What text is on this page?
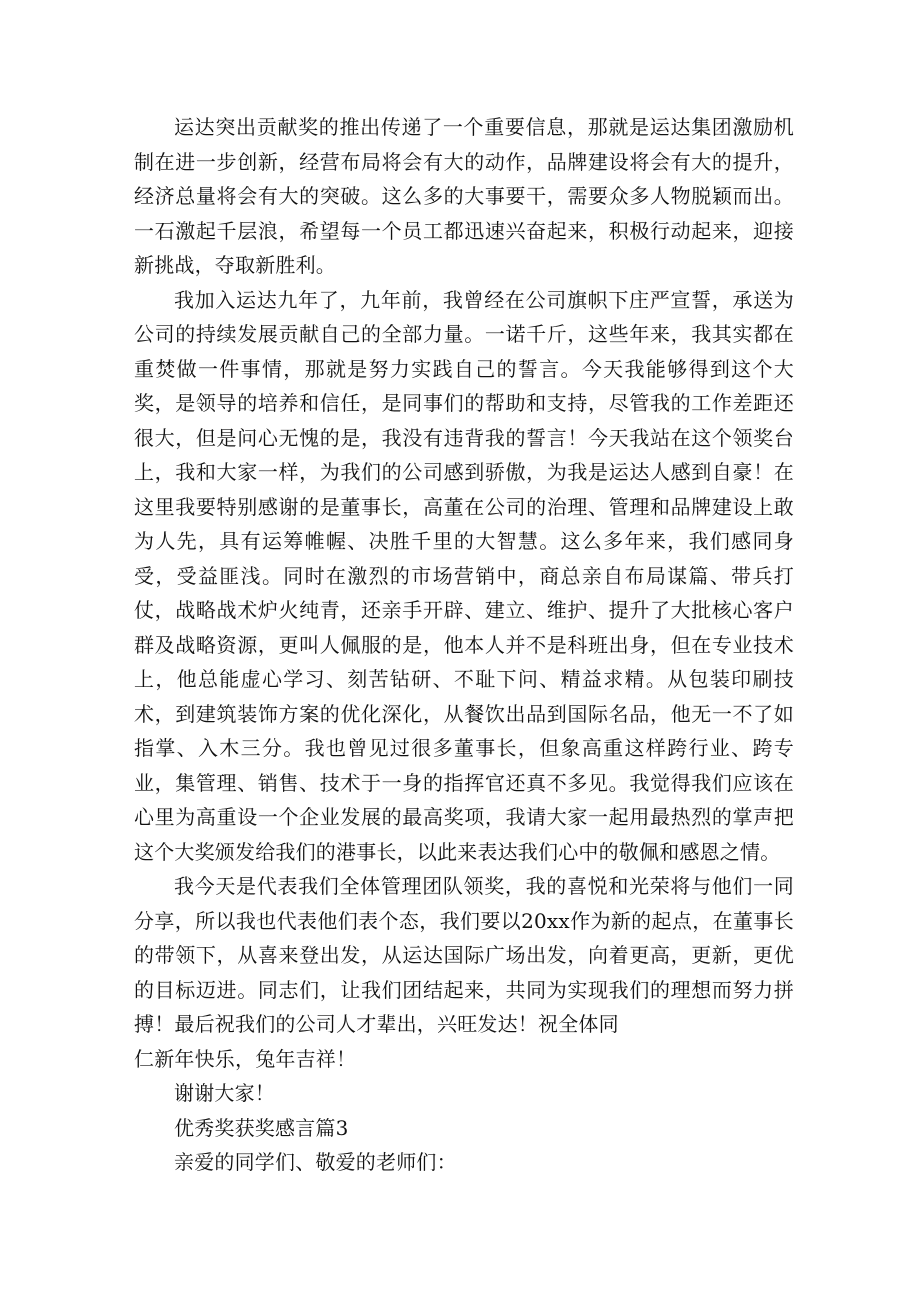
运达突出贡献奖的推出传递了一个重要信息，那就是运达集团激励机制在进一步创新，经营布局将会有大的动作，品牌建设将会有大的提升，经济总量将会有大的突破。这么多的大事要干，需要众多人物脱颖而出。一石激起千层浪，希望每一个员工都迅速兴奋起来，积极行动起来，迎接新挑战，夺取新胜利。

我加入运达九年了，九年前，我曾经在公司旗帜下庄严宣誓，承送为公司的持续发展贡献自己的全部力量。一诺千斤，这些年来，我其实都在重焚做一件事情，那就是努力实践自己的誓言。今天我能够得到这个大奖，是领导的培养和信任，是同事们的帮助和支持，尽管我的工作差距还很大，但是问心无愧的是，我没有违背我的誓言！今天我站在这个领奖台上，我和大家一样，为我们的公司感到骄傲，为我是运达人感到自豪！在这里我要特别感谢的是董事长，高董在公司的治理、管理和品牌建设上敢为人先，具有运筹帷幄、决胜千里的大智慧。这么多年来，我们感同身受，受益匪浅。同时在激烈的市场营销中，商总亲自布局谋篇、带兵打仗，战略战术炉火纯青，还亲手开辟、建立、维护、提升了大批核心客户群及战略资源，更叫人佩服的是，他本人并不是科班出身，但在专业技术上，他总能虚心学习、刻苦钻研、不耻下问、精益求精。从包装印刷技术，到建筑装饰方案的优化深化，从餐饮出品到国际名品，他无一不了如指掌、入木三分。我也曾见过很多董事长，但象高重这样跨行业、跨专业，集管理、销售、技术于一身的指挥官还真不多见。我觉得我们应该在心里为高重设一个企业发展的最高奖项，我请大家一起用最热烈的掌声把这个大奖颁发给我们的港事长，以此来表达我们心中的敬佩和感恩之情。

我今天是代表我们全体管理团队领奖，我的喜悦和光荣将与他们一同分享，所以我也代表他们表个态，我们要以20xx作为新的起点，在董事长的带领下，从喜来登出发，从运达国际广场出发，向着更高，更新，更优的目标迈进。同志们，让我们团结起来，共同为实现我们的理想而努力拼搏！最后祝我们的公司人才辈出，兴旺发达！祝全体同

仁新年快乐，兔年吉祥！

谢谢大家！

优秀奖获奖感言篇3

亲爱的同学们、敬爱的老师们：
